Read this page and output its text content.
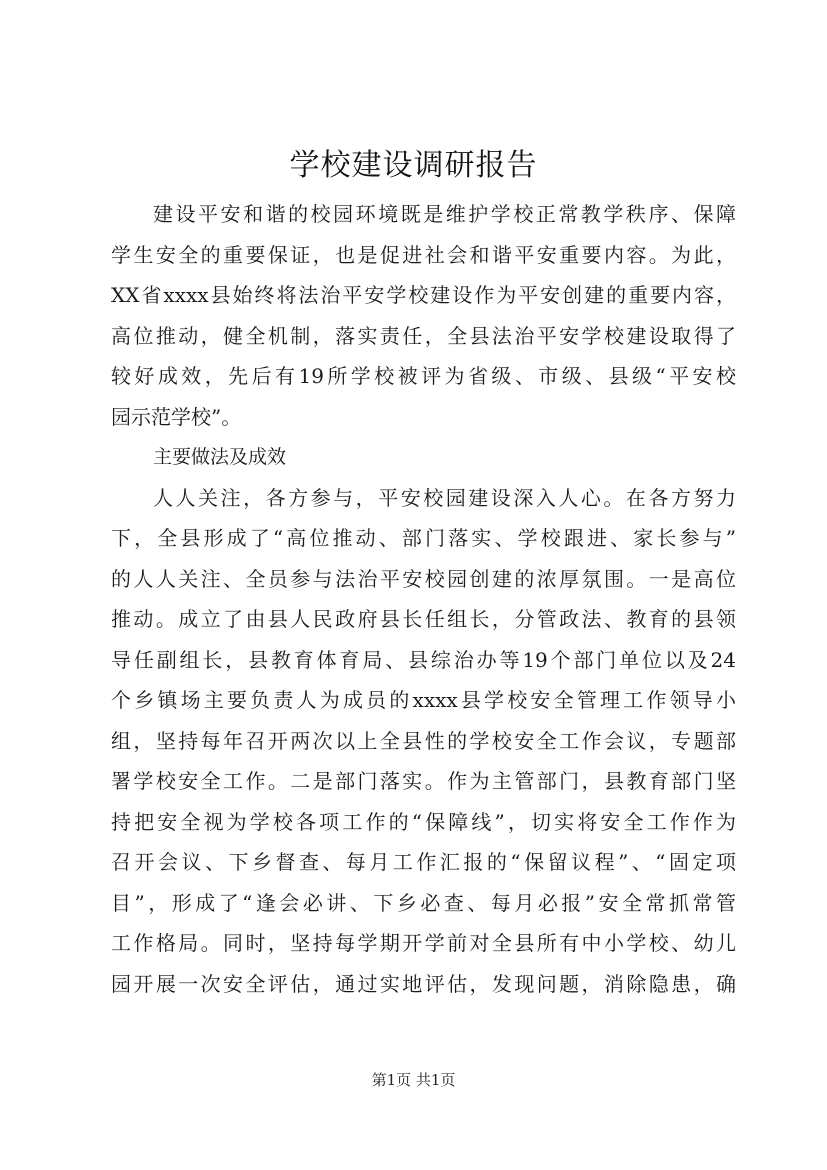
学校建设调研报告
建设平安和谐的校园环境既是维护学校正常教学秩序、保障
学生安全的重要保证，也是促进社会和谐平安重要内容。为此，
XX省xxxx县始终将法治平安学校建设作为平安创建的重要内容，
高位推动，健全机制，落实责任，全县法治平安学校建设取得了
较好成效，先后有19所学校被评为省级、市级、县级“平安校
园示范学校”。
主要做法及成效
人人关注，各方参与，平安校园建设深入人心。在各方努力
下，全县形成了“高位推动、部门落实、学校跟进、家长参与”
的人人关注、全员参与法治平安校园创建的浓厚氛围。一是高位
推动。成立了由县人民政府县长任组长，分管政法、教育的县领
导任副组长，县教育体育局、县综治办等19个部门单位以及24
个乡镇场主要负责人为成员的xxxx县学校安全管理工作领导小
组，坚持每年召开两次以上全县性的学校安全工作会议，专题部
署学校安全工作。二是部门落实。作为主管部门，县教育部门坚
持把安全视为学校各项工作的“保障线”，切实将安全工作作为
召开会议、下乡督查、每月工作汇报的“保留议程”、“固定项
目”，形成了“逢会必讲、下乡必查、每月必报”安全常抓常管
工作格局。同时，坚持每学期开学前对全县所有中小学校、幼儿
园开展一次安全评估，通过实地评估，发现问题，消除隐患，确
第1页 共1页
